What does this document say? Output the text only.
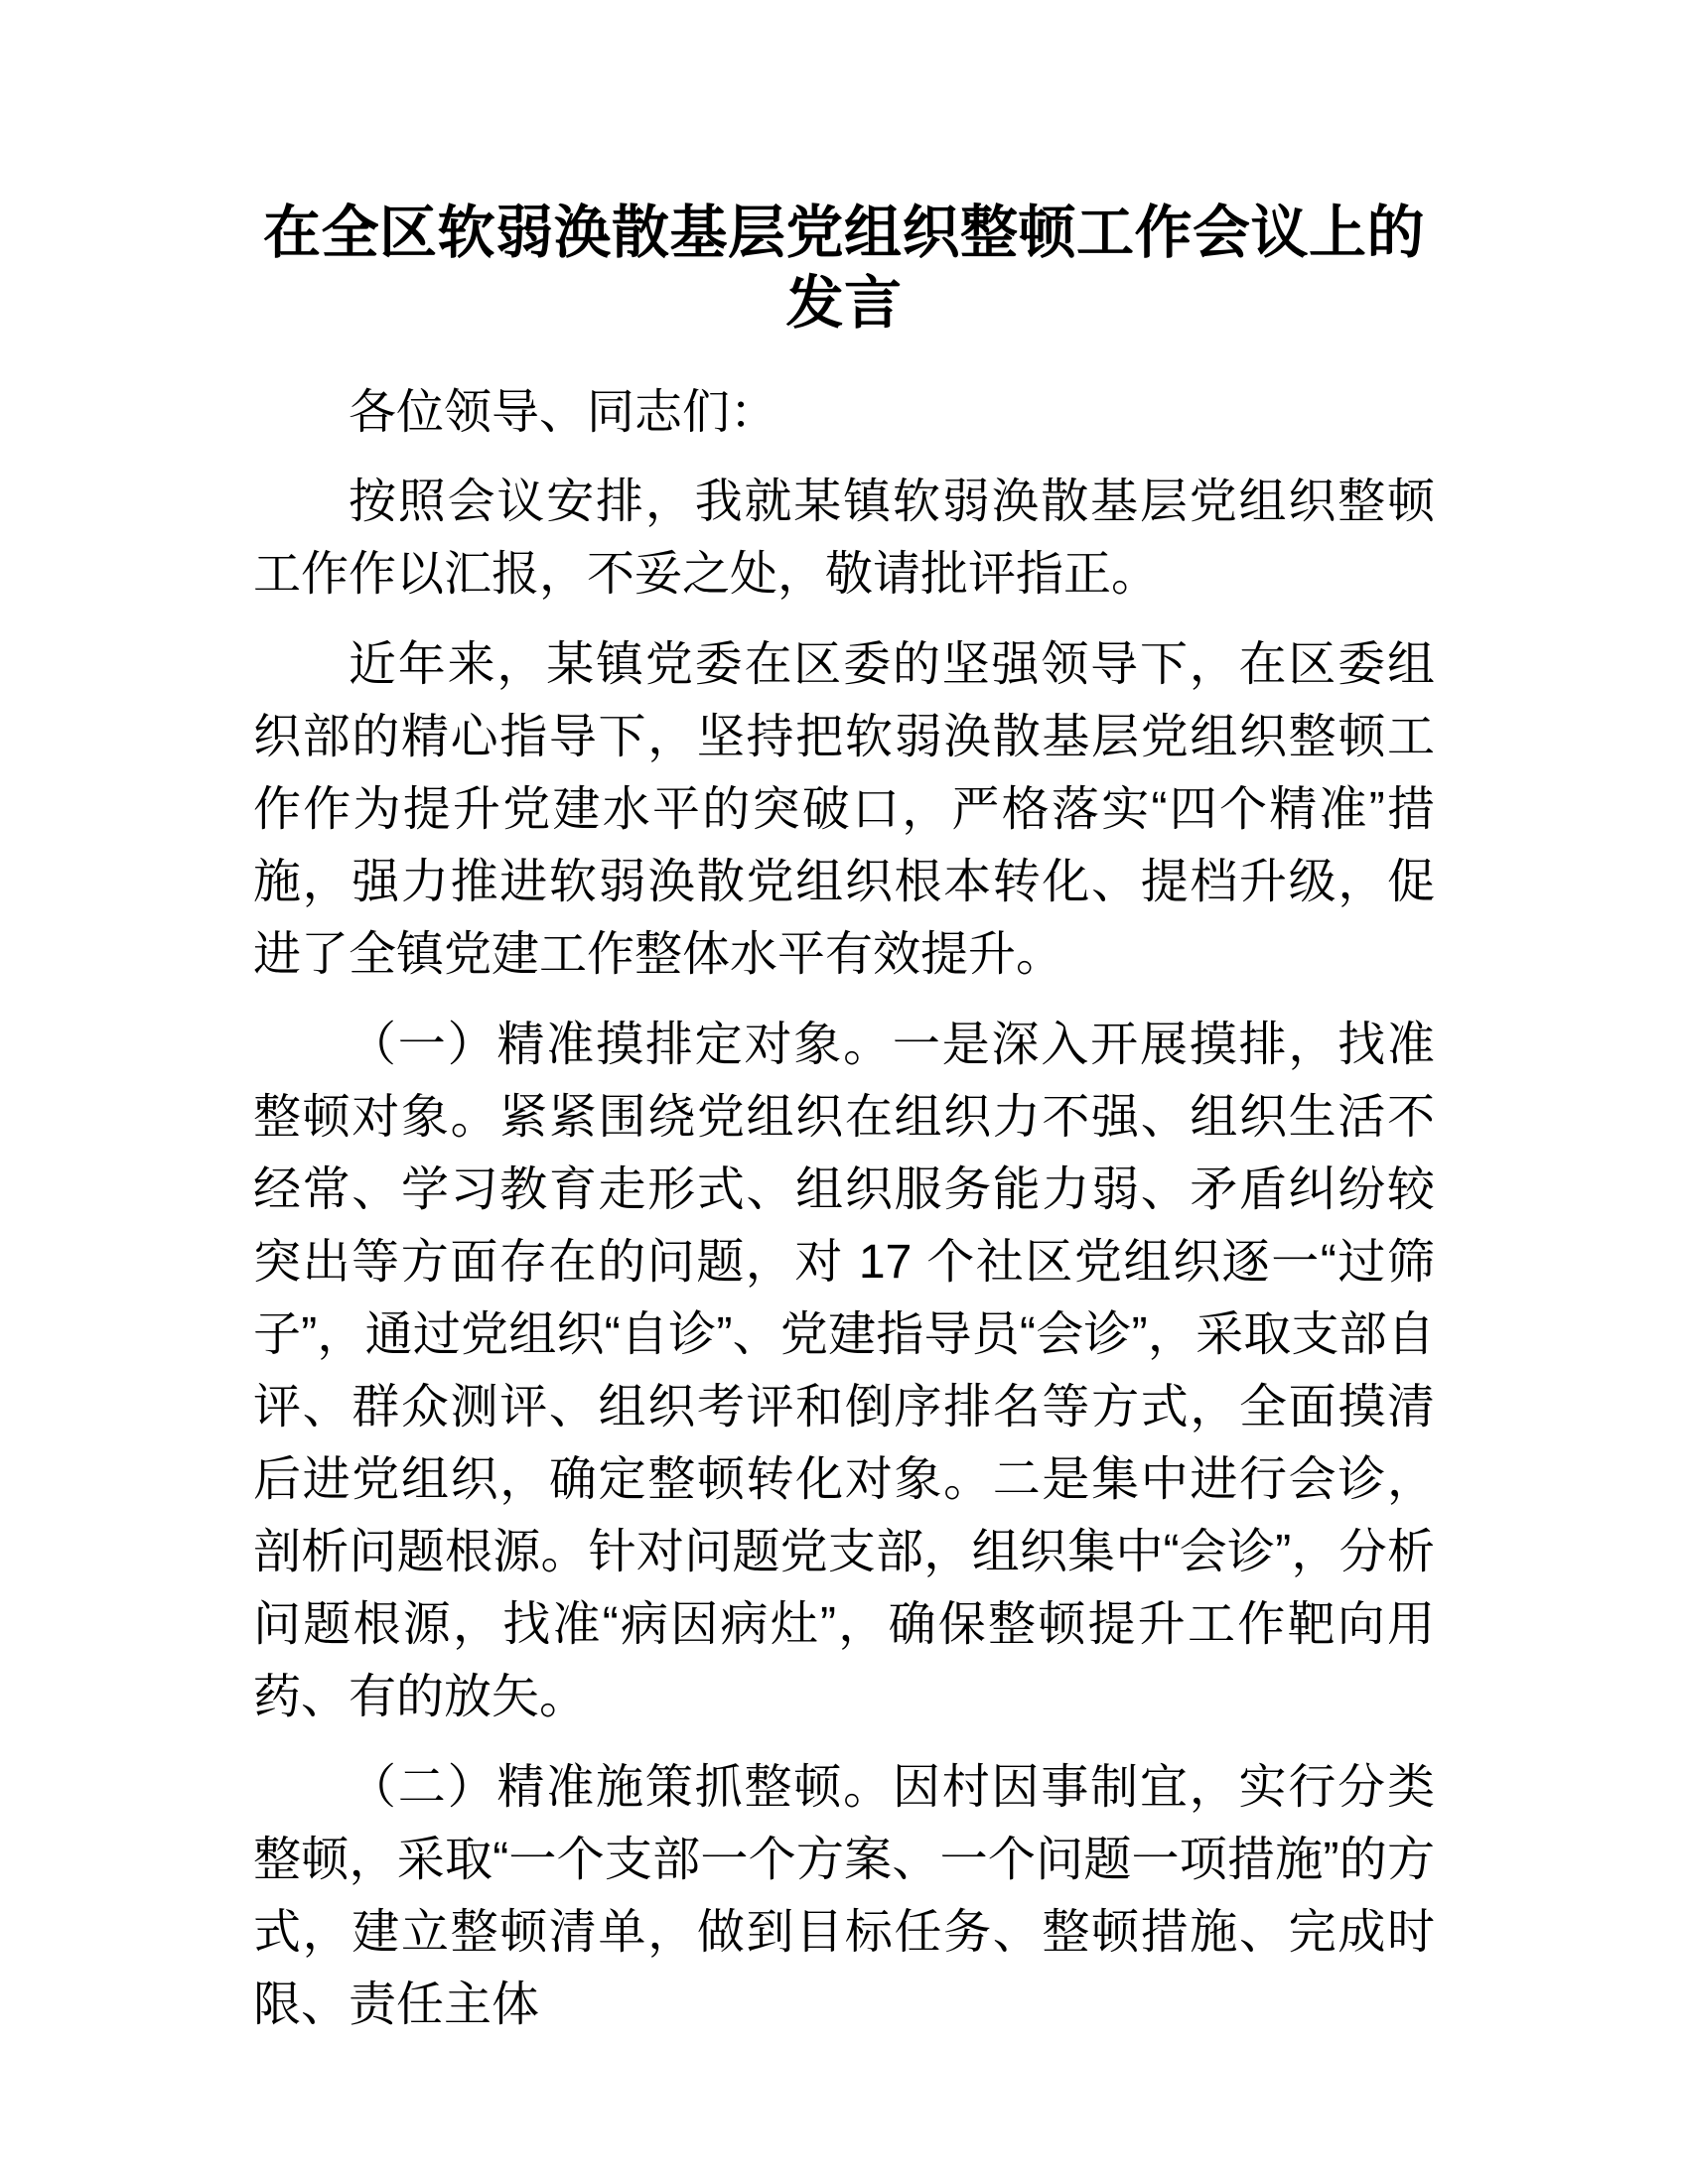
在全区软弱涣散基层党组织整顿工作会议上的发言

各位领导、同志们：

按照会议安排，我就某镇软弱涣散基层党组织整顿工作作以汇报，不妥之处，敬请批评指正。

近年来，某镇党委在区委的坚强领导下，在区委组织部的精心指导下，坚持把软弱涣散基层党组织整顿工作作为提升党建水平的突破口，严格落实“四个精准”措施，强力推进软弱涣散党组织根本转化、提档升级，促进了全镇党建工作整体水平有效提升。

（一）精准摸排定对象。一是深入开展摸排，找准整顿对象。紧紧围绕党组织在组织力不强、组织生活不经常、学习教育走形式、组织服务能力弱、矛盾纠纷较突出等方面存在的问题，对 17 个社区党组织逐一“过筛子”，通过党组织“自诊”、党建指导员“会诊”，采取支部自评、群众测评、组织考评和倒序排名等方式，全面摸清后进党组织，确定整顿转化对象。二是集中进行会诊，剖析问题根源。针对问题党支部，组织集中“会诊”，分析问题根源，找准“病因病灶”，确保整顿提升工作靶向用药、有的放矢。

（二）精准施策抓整顿。因村因事制宜，实行分类整顿，采取“一个支部一个方案、一个问题一项措施”的方式，建立整顿清单，做到目标任务、整顿措施、完成时限、责任主体
